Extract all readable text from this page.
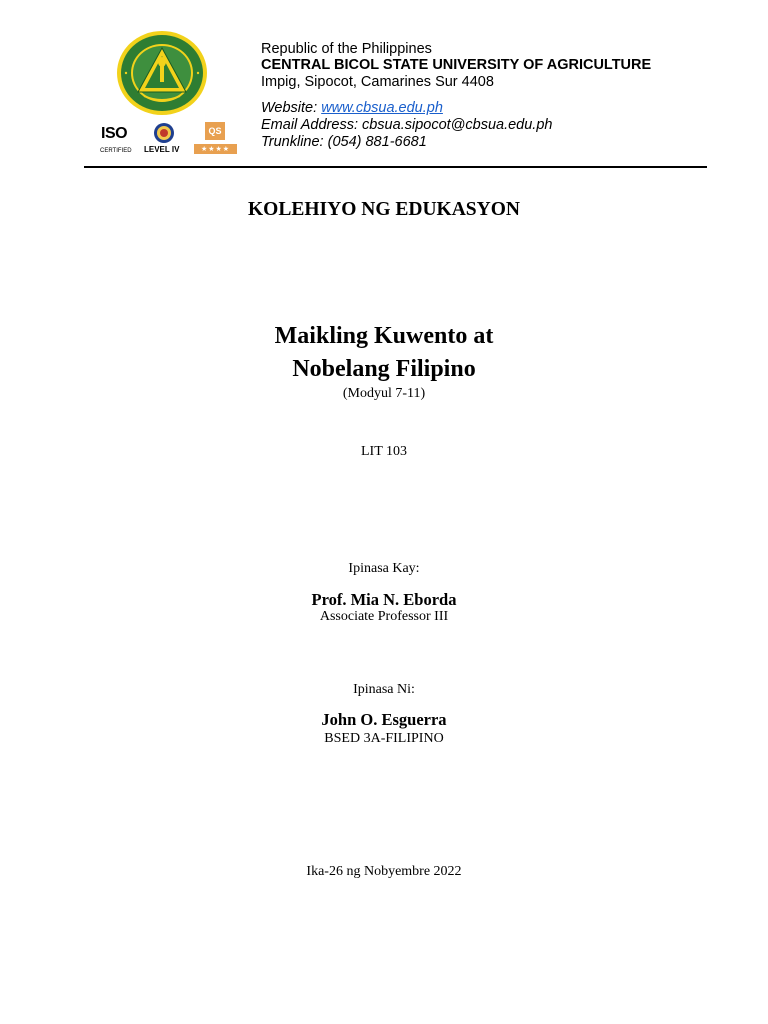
ISO
CERTIFIED LEVEL IV
QS
★★★★
Republic of the Philippines
CENTRAL BICOL STATE UNIVERSITY OF AGRICULTURE
Impig, Sipocot, Camarines Sur 4408
Website: www.cbsua.edu.ph
Email Address: cbsua.sipocot@cbsua.edu.ph
Trunkline: (054) 881-6681
KOLEHIYO NG EDUKASYON
Maikling Kuwento at
Nobelang Filipino
(Modyul 7-11)
LIT 103
Ipinasa Kay:
Prof. Mia N. Eborda
Associate Professor III
Ipinasa Ni:
John O. Esguerra
BSED 3A-FILIPINO
Ika-26 ng Nobyembre 2022
